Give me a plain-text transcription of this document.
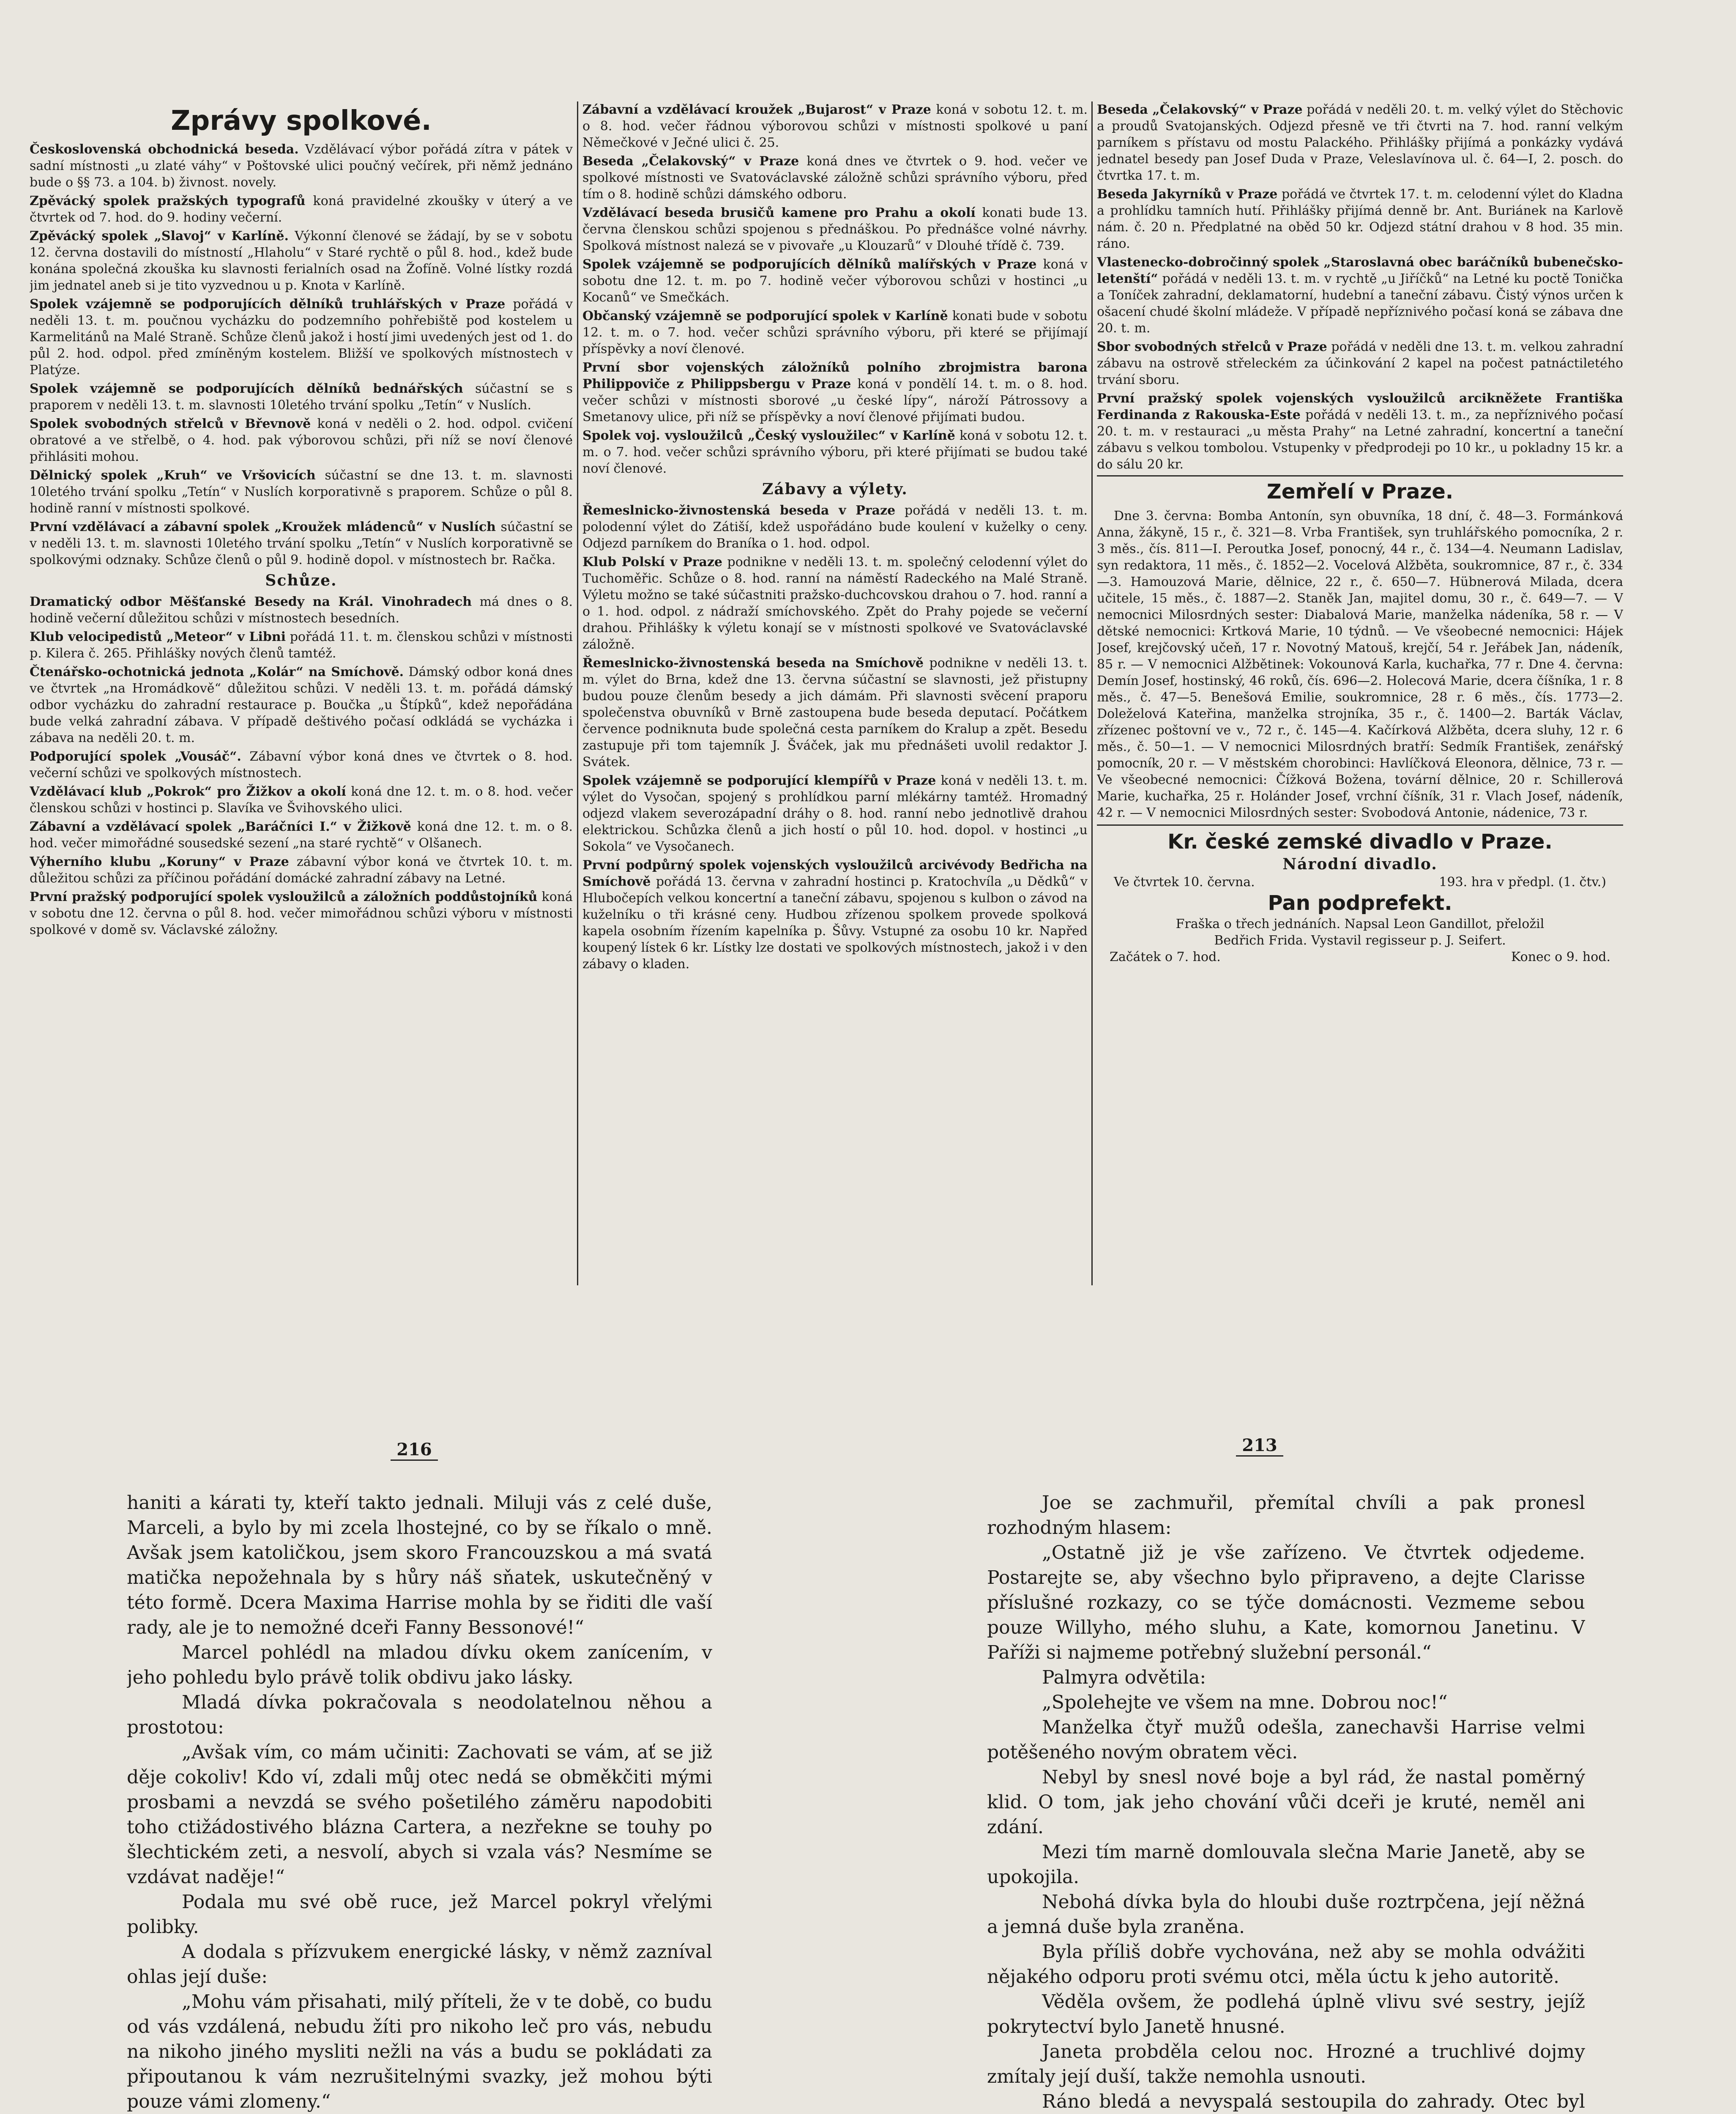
Zprávy spolkové.

Československá obchodnická beseda. Vzdělávací výbor pořádá zítra v pátek v sadní místnosti „u zlaté váhy“ v Poštovské ulici poučný večírek, při němž jednáno bude o §§ 73. a 104. b) živnost. novely.

Zpěvácký spolek pražských typografů koná pravidelné zkoušky v úterý a ve čtvrtek od 7. hod. do 9. hodiny večerní.

Zpěvácký spolek „Slavoj“ v Karlíně. Výkonní členové se žádají, by se v sobotu 12. června dostavili do místností „Hlaholu“ v Staré rychtě o půl 8. hod., kdež bude konána společná zkouška ku slavnosti ferialních osad na Žofíně. Volné lístky rozdá jim jednatel aneb si je tito vyzvednou u p. Knota v Karlíně.

Spolek vzájemně se podporujících dělníků truhlářských v Praze pořádá v neděli 13. t. m. poučnou vycházku do podzemního pohřebiště pod kostelem u Karmelitánů na Malé Straně. Schůze členů jakož i hostí jimi uvedených jest od 1. do půl 2. hod. odpol. před zmíněným kostelem. Bližší ve spolkových místnostech v Platýze.

Spolek vzájemně se podporujících dělníků bednářských súčastní se s praporem v neděli 13. t. m. slavnosti 10letého trvání spolku „Tetín“ v Nuslích.

Spolek svobodných střelců v Břevnově koná v neděli o 2. hod. odpol. cvičení obratové a ve střelbě, o 4. hod. pak výborovou schůzi, při níž se noví členové přihlásiti mohou.

Dělnický spolek „Kruh“ ve Vršovicích súčastní se dne 13. t. m. slavnosti 10letého trvání spolku „Tetín“ v Nuslích korporativně s praporem. Schůze o půl 8. hodině ranní v místnosti spolkové.

První vzdělávací a zábavní spolek „Kroužek mládenců“ v Nuslích súčastní se v neděli 13. t. m. slavnosti 10letého trvání spolku „Tetín“ v Nuslích korporativně se spolkovými odznaky. Schůze členů o půl 9. hodině dopol. v místnostech br. Račka.

Schůze.

Dramatický odbor Měšťanské Besedy na Král. Vinohradech má dnes o 8. hodině večerní důležitou schůzi v místnostech besedních.

Klub velocipedistů „Meteor“ v Libni pořádá 11. t. m. členskou schůzi v místnosti p. Kilera č. 265. Přihlášky nových členů tamtéž.

Čtenářsko-ochotnická jednota „Kolár“ na Smíchově. Dámský odbor koná dnes ve čtvrtek „na Hromádkově“ důležitou schůzi. V neděli 13. t. m. pořádá dámský odbor vycházku do zahradní restaurace p. Boučka „u Štípků“, kdež nepořádána bude velká zahradní zábava. V případě deštivého počasí odkládá se vycházka i zábava na neděli 20. t. m.

Podporující spolek „Vousáč“. Zábavní výbor koná dnes ve čtvrtek o 8. hod. večerní schůzi ve spolkových místnostech.

Vzdělávací klub „Pokrok“ pro Žižkov a okolí koná dne 12. t. m. o 8. hod. večer členskou schůzi v hostinci p. Slavíka ve Švihovského ulici.

Zábavní a vzdělávací spolek „Baráčníci I.“ v Žižkově koná dne 12. t. m. o 8. hod. večer mimořádné sousedské sezení „na staré rychtě“ v Olšanech.

Výherního klubu „Koruny“ v Praze zábavní výbor koná ve čtvrtek 10. t. m. důležitou schůzi za příčinou pořádání domácké zahradní zábavy na Letné.

První pražský podporující spolek vysloužilců a záložních poddůstojníků koná v sobotu dne 12. června o půl 8. hod. večer mimořádnou schůzi výboru v místnosti spolkové v domě sv. Václavské záložny.

Zábavní a vzdělávací kroužek „Bujarost“ v Praze koná v sobotu 12. t. m. o 8. hod. večer řádnou výborovou schůzi v místnosti spolkové u paní Němečkové v Ječné ulici č. 25.

Beseda „Čelakovský“ v Praze koná dnes ve čtvrtek o 9. hod. večer ve spolkové místnosti ve Svatováclavské záložně schůzi správního výboru, před tím o 8. hodině schůzi dámského odboru.

Vzdělávací beseda brusičů kamene pro Prahu a okolí konati bude 13. června členskou schůzi spojenou s přednáškou. Po přednášce volné návrhy. Spolková místnost nalezá se v pivovaře „u Klouzarů“ v Dlouhé třídě č. 739.

Spolek vzájemně se podporujících dělníků malířských v Praze koná v sobotu dne 12. t. m. po 7. hodině večer výborovou schůzi v hostinci „u Kocanů“ ve Smečkách.

Občanský vzájemně se podporující spolek v Karlíně konati bude v sobotu 12. t. m. o 7. hod. večer schůzi správního výboru, při které se přijímají příspěvky a noví členové.

První sbor vojenských záložníků polního zbrojmistra barona Philippoviče z Philippsbergu v Praze koná v pondělí 14. t. m. o 8. hod. večer schůzi v místnosti sborové „u české lípy“, nároží Pátrossovy a Smetanovy ulice, při níž se příspěvky a noví členové přijímati budou.

Spolek voj. vysloužilců „Český vysloužilec“ v Karlíně koná v sobotu 12. t. m. o 7. hod. večer schůzi správního výboru, při které přijímati se budou také noví členové.

Zábavy a výlety.

Řemeslnicko-živnostenská beseda v Praze pořádá v neděli 13. t. m. polodenní výlet do Zátiší, kdež uspořádáno bude koulení v kuželky o ceny. Odjezd parníkem do Braníka o 1. hod. odpol.

Klub Polskí v Praze podnikne v neděli 13. t. m. společný celodenní výlet do Tuchoměřic. Schůze o 8. hod. ranní na náměstí Radeckého na Malé Straně. Výletu možno se také súčastniti pražsko-duchcovskou drahou o 7. hod. ranní a o 1. hod. odpol. z nádraží smíchovského. Zpět do Prahy pojede se večerní drahou. Přihlášky k výletu konají se v místnosti spolkové ve Svatováclavské záložně.

Řemeslnicko-živnostenská beseda na Smíchově podnikne v neděli 13. t. m. výlet do Brna, kdež dne 13. června súčastní se slavnosti, jež přistupny budou pouze členům besedy a jich dámám. Při slavnosti svěcení praporu společenstva obuvníků v Brně zastoupena bude beseda deputací. Počátkem července podniknuta bude společná cesta parníkem do Kralup a zpět. Besedu zastupuje při tom tajemník J. Šváček, jak mu přednášeti uvolil redaktor J. Svátek.

Spolek vzájemně se podporující klempířů v Praze koná v neděli 13. t. m. výlet do Vysočan, spojený s prohlídkou parní mlékárny tamtéž. Hromadný odjezd vlakem severozápadní dráhy o 8. hod. ranní nebo jednotlivě drahou elektrickou. Schůzka členů a jich hostí o půl 10. hod. dopol. v hostinci „u Sokola“ ve Vysočanech.

První podpůrný spolek vojenských vysloužilců arcivévody Bedřicha na Smíchově pořádá 13. června v zahradní hostinci p. Kratochvíla „u Dědků“ v Hlubočepích velkou koncertní a taneční zábavu, spojenou s kulbon o závod na kuželníku o tři krásné ceny. Hudbou zřízenou spolkem provede spolková kapela osobním řízením kapelníka p. Šůvy. Vstupné za osobu 10 kr. Napřed koupený lístek 6 kr. Lístky lze dostati ve spolkových místnostech, jakož i v den zábavy o kladen.

Beseda „Čelakovský“ v Praze pořádá v neděli 20. t. m. velký výlet do Stěchovic a proudů Svatojanských. Odjezd přesně ve tři čtvrti na 7. hod. ranní velkým parníkem s přístavu od mostu Palackého. Přihlášky přijímá a ponkázky vydává jednatel besedy pan Josef Duda v Praze, Veleslavínova ul. č. 64—I, 2. posch. do čtvrtka 17. t. m.

Beseda Jakyrníků v Praze pořádá ve čtvrtek 17. t. m. celodenní výlet do Kladna a prohlídku tamních hutí. Přihlášky přijímá denně br. Ant. Buriánek na Karlově nám. č. 20 n. Předplatné na oběd 50 kr. Odjezd státní drahou v 8 hod. 35 min. ráno.

Vlastenecko-dobročinný spolek „Staroslavná obec baráčníků bubenečsko-letenští“ pořádá v neděli 13. t. m. v rychtě „u Jiříčků“ na Letné ku poctě Tonička a Toníček zahradní, deklamatorní, hudební a taneční zábavu. Čistý výnos určen k ošacení chudé školní mládeže. V případě nepříznivého počasí koná se zábava dne 20. t. m.

Sbor svobodných střelců v Praze pořádá v neděli dne 13. t. m. velkou zahradní zábavu na ostrově střeleckém za účinkování 2 kapel na počest patnáctiletého trvání sboru.

První pražský spolek vojenských vysloužilců arcikněžete Františka Ferdinanda z Rakouska-Este pořádá v neděli 13. t. m., za nepříznivého počasí 20. t. m. v restauraci „u města Prahy“ na Letné zahradní, koncertní a taneční zábavu s velkou tombolou. Vstupenky v předprodeji po 10 kr., u pokladny 15 kr. a do sálu 20 kr.

Zemřelí v Praze.

Dne 3. června: Bomba Antonín, syn obuvníka, 18 dní, č. 48—3. Formánková Anna, žákyně, 15 r., č. 321—8. Vrba František, syn truhlářského pomocníka, 2 r. 3 měs., čís. 811—I. Peroutka Josef, ponocný, 44 r., č. 134—4. Neumann Ladislav, syn redaktora, 11 měs., č. 1852—2. Vocelová Alžběta, soukromnice, 87 r., č. 334—3. Hamouzová Marie, dělnice, 22 r., č. 650—7. Hübnerová Milada, dcera učitele, 15 měs., č. 1887—2. Staněk Jan, majitel domu, 30 r., č. 649—7. — V nemocnici Milosrdných sester: Diabalová Marie, manželka nádeníka, 58 r. — V dětské nemocnici: Krtková Marie, 10 týdnů. — Ve všeobecné nemocnici: Hájek Josef, krejčovský učeň, 17 r. Novotný Matouš, krejčí, 54 r. Jeřábek Jan, nádeník, 85 r. — V nemocnici Alžbětinek: Vokounová Karla, kuchařka, 77 r. Dne 4. června: Demín Josef, hostinský, 46 roků, čís. 696—2. Holecová Marie, dcera číšníka, 1 r. 8 měs., č. 47—5. Benešová Emilie, soukromnice, 28 r. 6 měs., čís. 1773—2. Doleželová Kateřina, manželka strojníka, 35 r., č. 1400—2. Barták Václav, zřízenec poštovní ve v., 72 r., č. 145—4. Kačírková Alžběta, dcera sluhy, 12 r. 6 měs., č. 50—1. — V nemocnici Milosrdných bratří: Sedmík František, zenářský pomocník, 20 r. — V městském chorobinci: Havlíčková Eleonora, dělnice, 73 r. — Ve všeobecné nemocnici: Čížková Božena, tovární dělnice, 20 r. Schillerová Marie, kuchařka, 25 r. Holánder Josef, vrchní číšník, 31 r. Vlach Josef, nádeník, 42 r. — V nemocnici Milosrdných sester: Svobodová Antonie, nádenice, 73 r.

Kr. české zemské divadlo v Praze.

Národní divadlo.

Ve čtvrtek 10. června.	193. hra v předpl. (1. čtv.)

Pan podprefekt.

Fraška o třech jednáních. Napsal Leon Gandillot, přeložil

Bedřich Frida. Vystavil regisseur p. J. Seifert.

Začátek o 7. hod.	Konec o 9. hod.

216	213

haniti a kárati ty, kteří takto jednali. Miluji vás z celé duše, Marceli, a bylo by mi zcela lhostejné, co by se říkalo o mně. Avšak jsem katoličkou, jsem skoro Francouzskou a má svatá matička nepožehnala by s hůry náš sňatek, uskutečněný v této formě. Dcera Maxima Harrise mohla by se řiditi dle vaší rady, ale je to nemožné dceři Fanny Bessonové!“

Marcel pohlédl na mladou dívku okem zanícením, v jeho pohledu bylo právě tolik obdivu jako lásky.

Mladá dívka pokračovala s neodolatelnou něhou a prostotou:

„Avšak vím, co mám učiniti: Zachovati se vám, ať se již děje cokoliv! Kdo ví, zdali můj otec nedá se obměkčiti mými prosbami a nevzdá se svého pošetilého záměru napodobiti toho ctižádostivého blázna Cartera, a nezřekne se touhy po šlechtickém zeti, a nesvolí, abych si vzala vás? Nesmíme se vzdávat naděje!“

Podala mu své obě ruce, jež Marcel pokryl vřelými polibky.

A dodala s přízvukem energické lásky, v němž zazníval ohlas její duše:

„Mohu vám přisahati, milý příteli, že v te době, co budu od vás vzdálená, nebudu žíti pro nikoho leč pro vás, nebudu na nikoho jiného mysliti nežli na vás a budu se pokládati za připoutanou k vám nezrušitelnými svazky, jež mohou býti pouze vámi zlomeny.“

Joe se zachmuřil, přemítal chvíli a pak pronesl rozhodným hlasem:

„Ostatně již je vše zařízeno. Ve čtvrtek odjedeme. Postarejte se, aby všechno bylo připraveno, a dejte Clarisse příslušné rozkazy, co se týče domácnosti. Vezmeme sebou pouze Willyho, mého sluhu, a Kate, komornou Janetinu. V Paříži si najmeme potřebný služební personál.“

Palmyra odvětila:

„Spolehejte ve všem na mne. Dobrou noc!“

Manželka čtyř mužů odešla, zanechavši Harrise velmi potěšeného novým obratem věci.

Nebyl by snesl nové boje a byl rád, že nastal poměrný klid. O tom, jak jeho chování vůči dceři je kruté, neměl ani zdání.

Mezi tím marně domlouvala slečna Marie Janetě, aby se upokojila.

Nebohá dívka byla do hloubi duše roztrpčena, její něžná a jemná duše byla zraněna.

Byla příliš dobře vychována, než aby se mohla odvážiti nějakého odporu proti svému otci, měla úctu k jeho autoritě.

Věděla ovšem, že podlehá úplně vlivu své sestry, jejíž pokrytectví bylo Janetě hnusné.

Janeta probděla celou noc. Hrozné a truchlivé dojmy zmítaly její duší, takže nemohla usnouti.

Ráno bledá a nevyspalá sestoupila do zahrady. Otec byl
